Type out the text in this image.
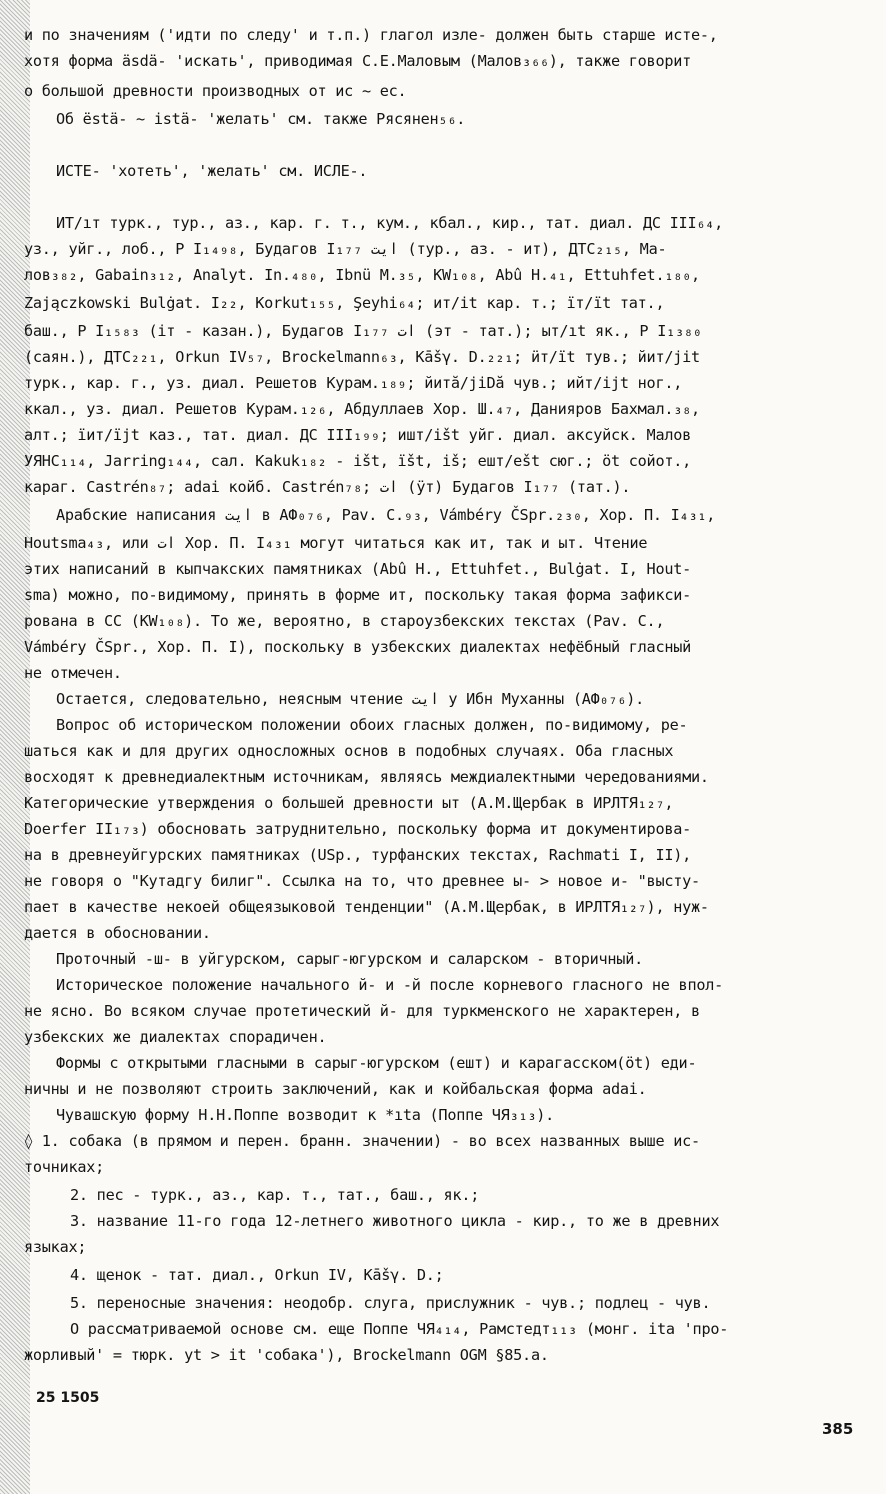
и по значениям ('идти по следу' и т.п.) глагол изле- должен быть старше исте-,
хотя форма äsdä- 'искать', приводимая С.Е.Маловым (Малов₃₆₆), также говорит
о большой древности производных от ис ~ ес.
Об ëstä- ~ istä- 'желать' см. также Рясянен₅₆.
ИСТЕ- 'хотеть', 'желать' см. ИСЛЕ-.
ИТ/ıт турк., тур., аз., кар. г. т., кум., кбал., кир., тат. диал. ДС III₆₄,
уз., уйг., лоб., Р I₁₄₉₈, Будагов I₁₇₇ ايت (тур., аз. - ит), ДТС₂₁₅, Ма-
лов₃₈₂, Gabain₃₁₂, Analyt. In.₄₈₀, Ibnü M.₃₅, KW₁₀₈, Abû H.₄₁, Ettuhfet.₁₈₀,
Zajączkowski Bulġat. I₂₂, Korkut₁₅₅, Şeyhi₆₄; ит/it кар. т.; їт/ït тат.,
баш., Р I₁₅₈₃ (іт - казан.), Будагов I₁₇₇ ات (эт - тат.); ыт/ıt як., Р I₁₃₈₀
(саян.), ДТС₂₂₁, Orkun IV₅₇, Brockelmann₆₃, Kāšγ. D.₂₂₁; ӥт/ït тув.; йит/jit
турк., кар. г., уз. диал. Решетов Курам.₁₈₉; йитă/jiDă чув.; ийт/ijt ног.,
ккал., уз. диал. Решетов Курам.₁₂₆, Абдуллаев Хор. Ш.₄₇, Данияров Бахмал.₃₈,
алт.; їит/ïjt каз., тат. диал. ДС III₁₉₉; ишт/išt уйг. диал. аксуйск. Малов
УЯНС₁₁₄, Jarring₁₄₄, сал. Kakuk₁₈₂ - išt, ïšt, iš; ешт/ešt сюг.; öt сойот.,
караг. Castrén₈₇; adai койб. Castrén₇₈; ات (ӱт) Будагов I₁₇₇ (тат.).
Арабские написания ايت в АФ₀₇₆, Pav. C.₉₃, Vámbéry ČSpr.₂₃₀, Хор. П. I₄₃₁,
Houtsma₄₃, или ات Хор. П. I₄₃₁ могут читаться как ит, так и ыт. Чтение
этих написаний в кыпчакских памятниках (Abû H., Ettuhfet., Bulġat. I, Hout-
sma) можно, по-видимому, принять в форме ит, поскольку такая форма зафикси-
рована в СС (KW₁₀₈). То же, вероятно, в староузбекских текстах (Pav. C.,
Vámbéry ČSpr., Хор. П. I), поскольку в узбекских диалектах нефёбный гласный
не отмечен.
Остается, следовательно, неясным чтение ايت у Ибн Муханны (АФ₀₇₆).
Вопрос об историческом положении обоих гласных должен, по-видимому, ре-
шаться как и для других односложных основ в подобных случаях. Оба гласных
восходят к древнедиалектным источникам, являясь междиалектными чередованиями.
Категорические утверждения о большей древности ыт (А.М.Щербак в ИРЛТЯ₁₂₇,
Doerfer II₁₇₃) обосновать затруднительно, поскольку форма ит документирова-
на в древнеуйгурских памятниках (USp., турфанских текстах, Rachmati I, II),
не говоря о "Кутадгу билиг". Ссылка на то, что древнее ы- > новое и- "высту-
пает в качестве некоей общеязыковой тенденции" (А.М.Щербак, в ИРЛТЯ₁₂₇), нуж-
дается в обосновании.
Проточный -ш- в уйгурском, сарыг-югурском и саларском - вторичный.
Историческое положение начального й- и -й после корневого гласного не впол-
не ясно. Во всяком случае протетический й- для туркменского не характерен, в
узбекских же диалектах спорадичен.
Формы с открытыми гласными в сарыг-югурском (ешт) и карагасском(öt) еди-
ничны и не позволяют строить заключений, как и койбальская форма adai.
Чувашскую форму Н.Н.Поппе возводит к *ıta (Поппе ЧЯ₃₁₃).
◊ 1. собака (в прямом и перен. бранн. значении) - во всех названных выше ис-
точниках;
2. пес - турк., аз., кар. т., тат., баш., як.;
3. название 11-го года 12-летнего животного цикла - кир., то же в древних
языках;
4. щенок - тат. диал., Orkun IV, Kāšγ. D.;
5. переносные значения: неодобр. слуга, прислужник - чув.; подлец - чув.
О рассматриваемой основе см. еще Поппе ЧЯ₄₁₄, Рамстедт₁₁₃ (монг. ita 'про-
жорливый' = тюрк. yt > it 'собака'), Brockelmann OGM §85.a.
25 1505
385
